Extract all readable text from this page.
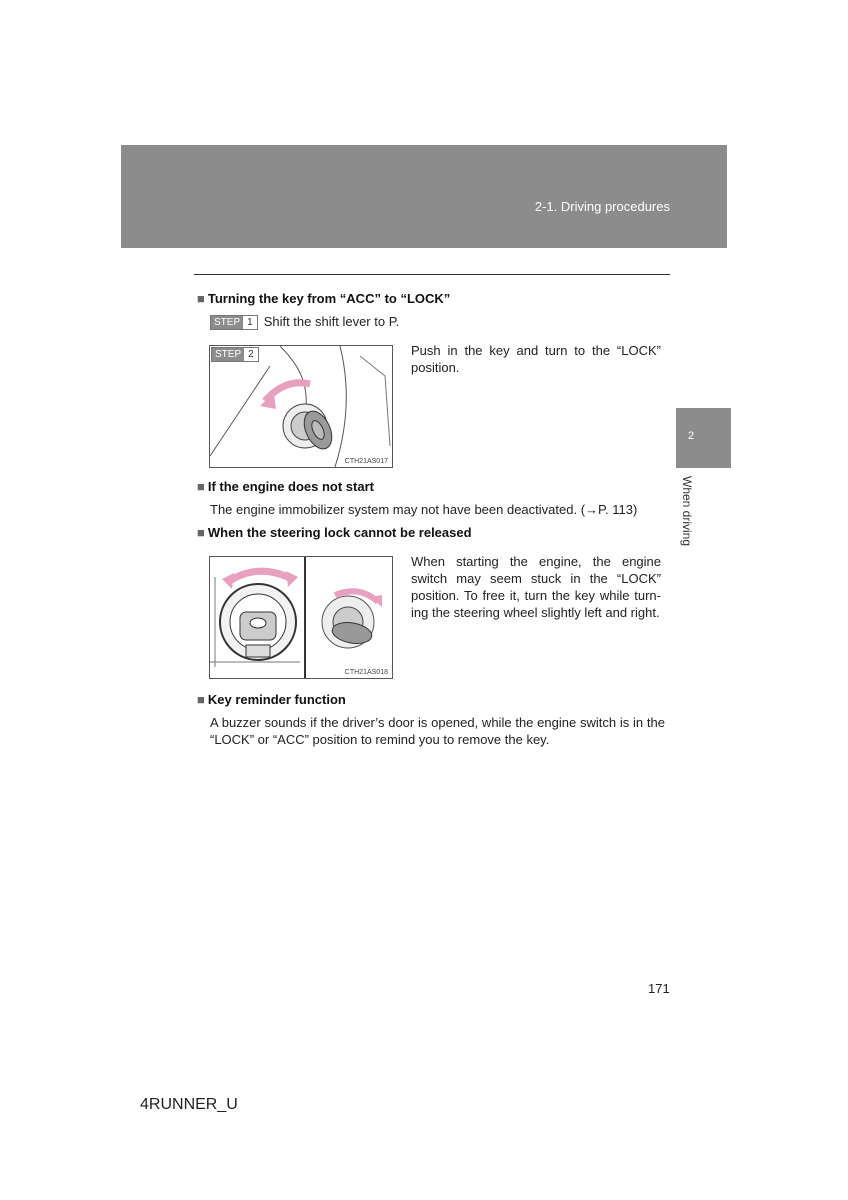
2-1. Driving procedures
2
When driving
■ Turning the key from “ACC” to “LOCK”
STEP 1 Shift the shift lever to P.
STEP 2
CTH21AS017
Push in the key and turn to the “LOCK” position.
■ If the engine does not start
The engine immobilizer system may not have been deactivated. (→P. 113)
■ When the steering lock cannot be released
CTH21AS018
When starting the engine, the engine switch may seem stuck in the “LOCK” position. To free it, turn the key while turn-ing the steering wheel slightly left and right.
■ Key reminder function
A buzzer sounds if the driver’s door is opened, while the engine switch is in the “LOCK” or “ACC” position to remind you to remove the key.
171
4RUNNER_U
